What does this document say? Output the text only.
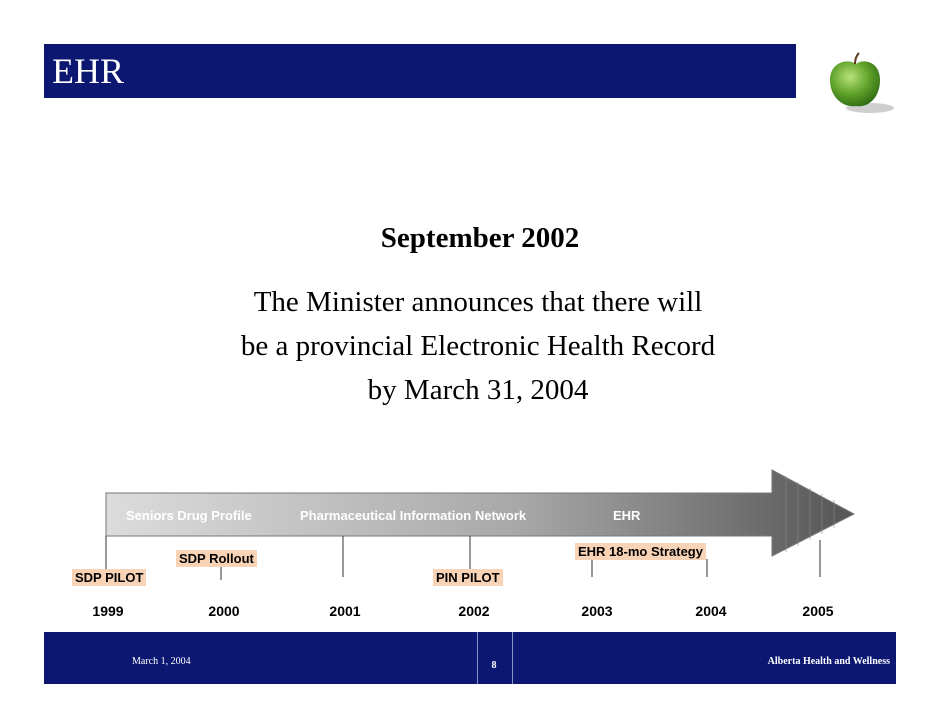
EHR
September 2002
The Minister announces that there will
be a provincial Electronic Health Record
by March 31, 2004
Seniors Drug Profile	Pharmaceutical Information Network	EHR
SDP PILOT
SDP Rollout
PIN PILOT
EHR 18-mo Strategy
1999	2000	2001	2002	2003	2004	2005
March 1, 2004	8	Alberta Health and Wellness
